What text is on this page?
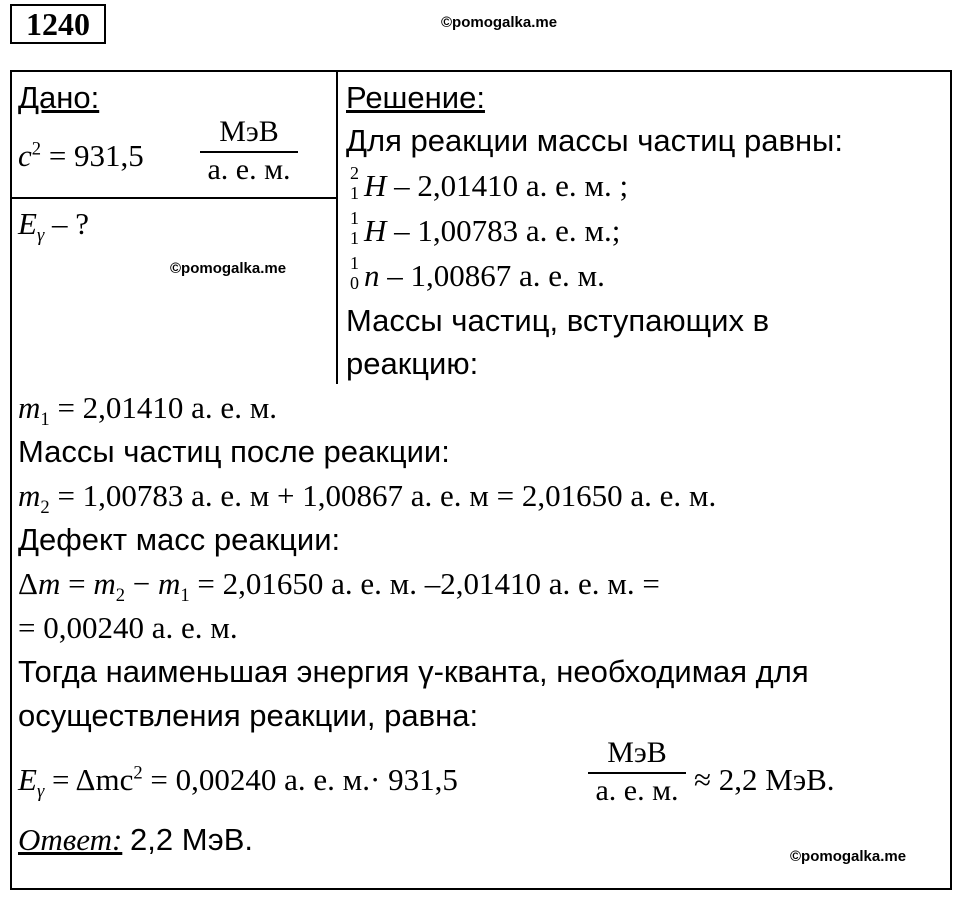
1240	©pomogalka.me
Дано:
$c^2 = 931,5$
МэВ
а. е. м.
$E_\gamma$ – ?
©pomogalka.me
Решение:
Для реакции массы частиц равны:
2
1 H – 2,01410 а. е. м. ;
1
1 H – 1,00783 а. е. м.;
1
0 n – 1,00867 а. е. м.
Массы частиц, вступающих в
реакцию:
$m_1 = 2,01410$ а. е. м.
Массы частиц после реакции:
$m_2 = 1,00783$ а. е. м + 1,00867 а. е. м = 2,01650 а. е. м.
Дефект масс реакции:
$\Delta m = m_2 - m_1 = 2,01650$ а. е. м. –2,01410 а. е. м. =
= 0,00240 а. е. м.
Тогда наименьшая энергия γ-кванта, необходимая для
осуществления реакции, равна:
$E_\gamma = \Delta mc^2 = 0,00240$ а. е. м.· 931,5
МэВ
а. е. м. ≈ 2,2 МэВ.
Ответ: 2,2 МэВ.	©pomogalka.me
